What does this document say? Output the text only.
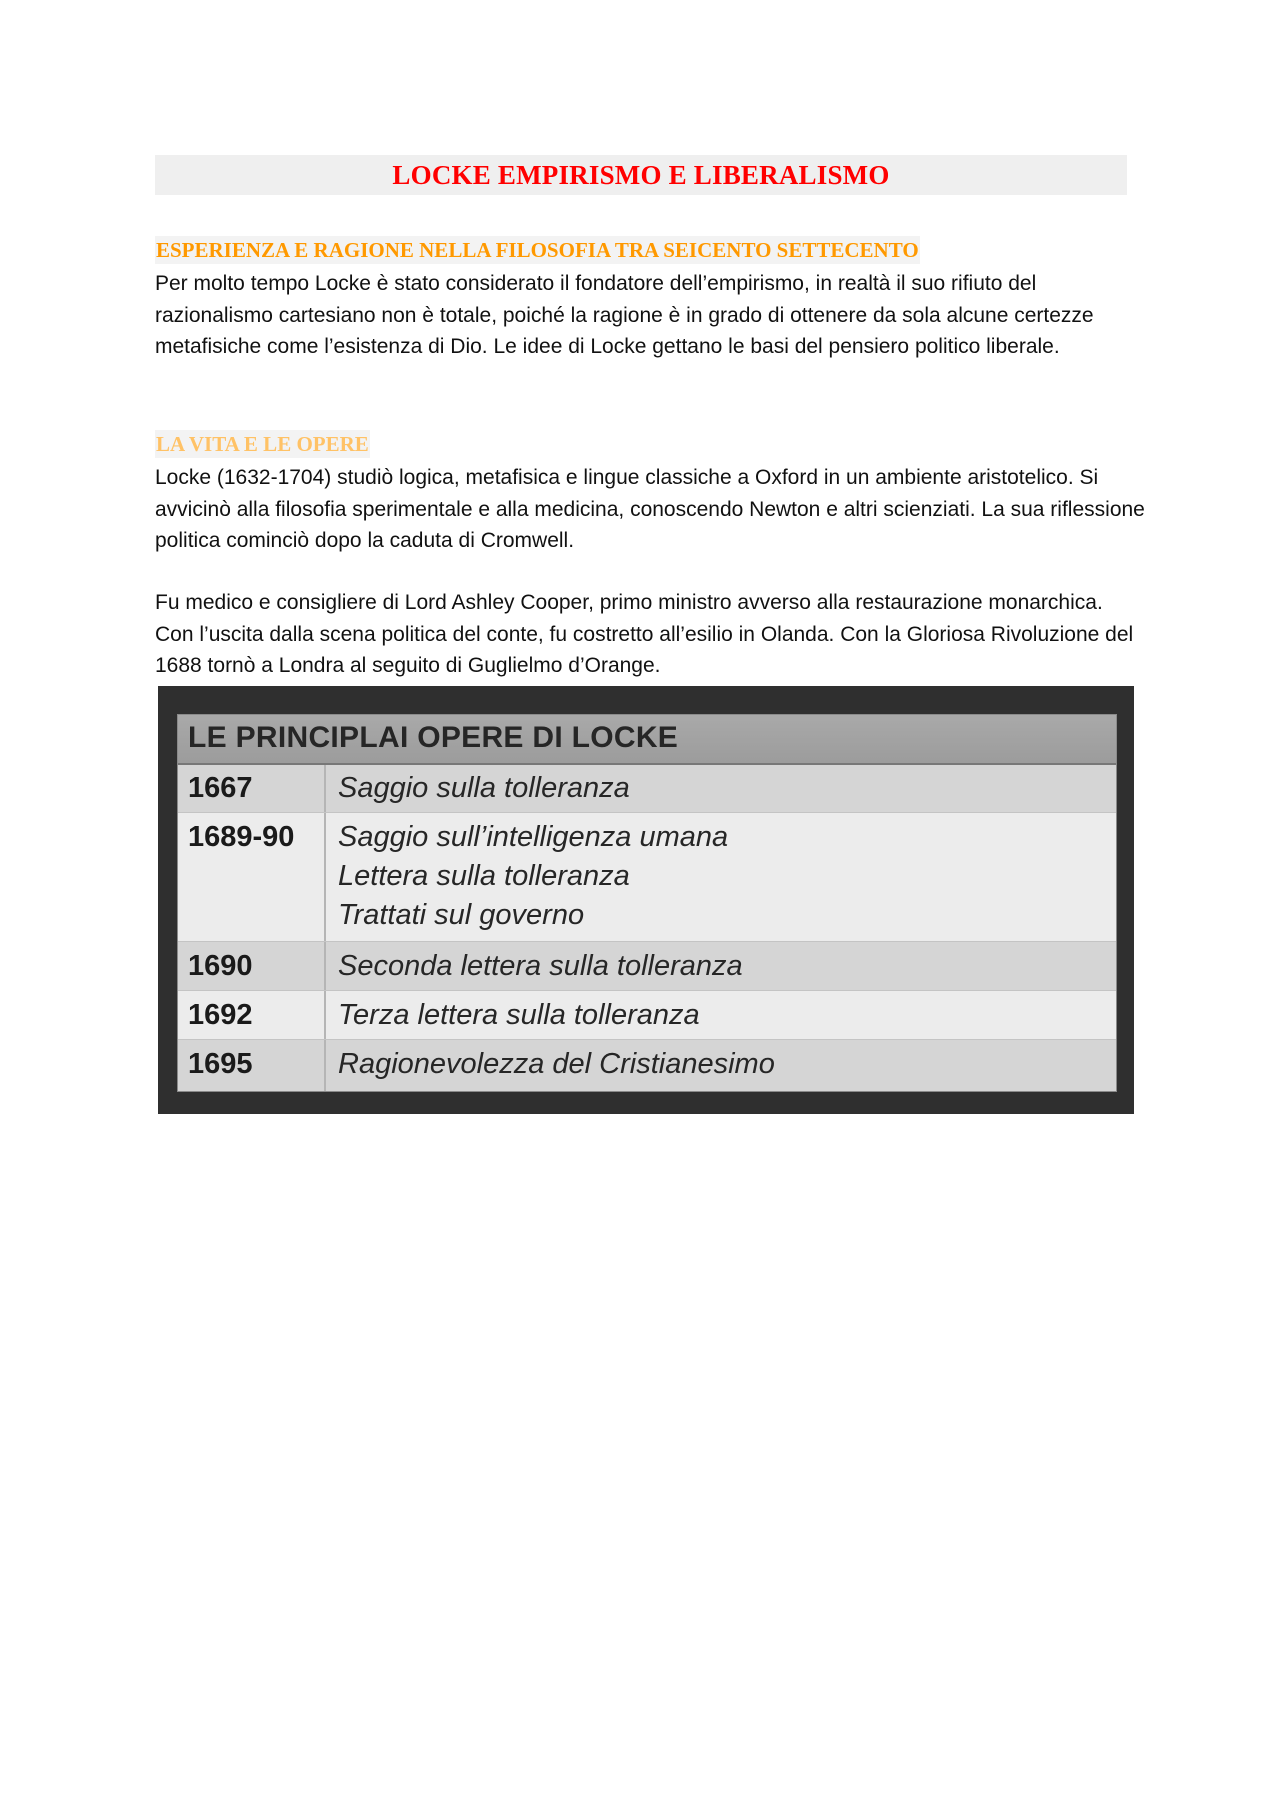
LOCKE EMPIRISMO E LIBERALISMO
ESPERIENZA E RAGIONE NELLA FILOSOFIA TRA SEICENTO SETTECENTO

Per molto tempo Locke è stato considerato il fondatore dell’empirismo, in realtà il suo rifiuto del razionalismo cartesiano non è totale, poiché la ragione è in grado di ottenere da sola alcune certezze metafisiche come l’esistenza di Dio. Le idee di Locke gettano le basi del pensiero politico liberale.

LA VITA E LE OPERE

Locke (1632-1704) studiò logica, metafisica e lingue classiche a Oxford in un ambiente aristotelico. Si avvicinò alla filosofia sperimentale e alla medicina, conoscendo Newton e altri scienziati. La sua riflessione politica cominciò dopo la caduta di Cromwell.

Fu medico e consigliere di Lord Ashley Cooper, primo ministro avverso alla restaurazione monarchica. Con l’uscita dalla scena politica del conte, fu costretto all’esilio in Olanda. Con la Gloriosa Rivoluzione del 1688 tornò a Londra al seguito di Guglielmo d’Orange.

LE PRINCIPLAI OPERE DI LOCKE
1667	Saggio sulla tolleranza
1689-90	Saggio sull’intelligenza umana
Lettera sulla tolleranza
Trattati sul governo
1690	Seconda lettera sulla tolleranza
1692	Terza lettera sulla tolleranza
1695	Ragionevolezza del Cristianesimo
